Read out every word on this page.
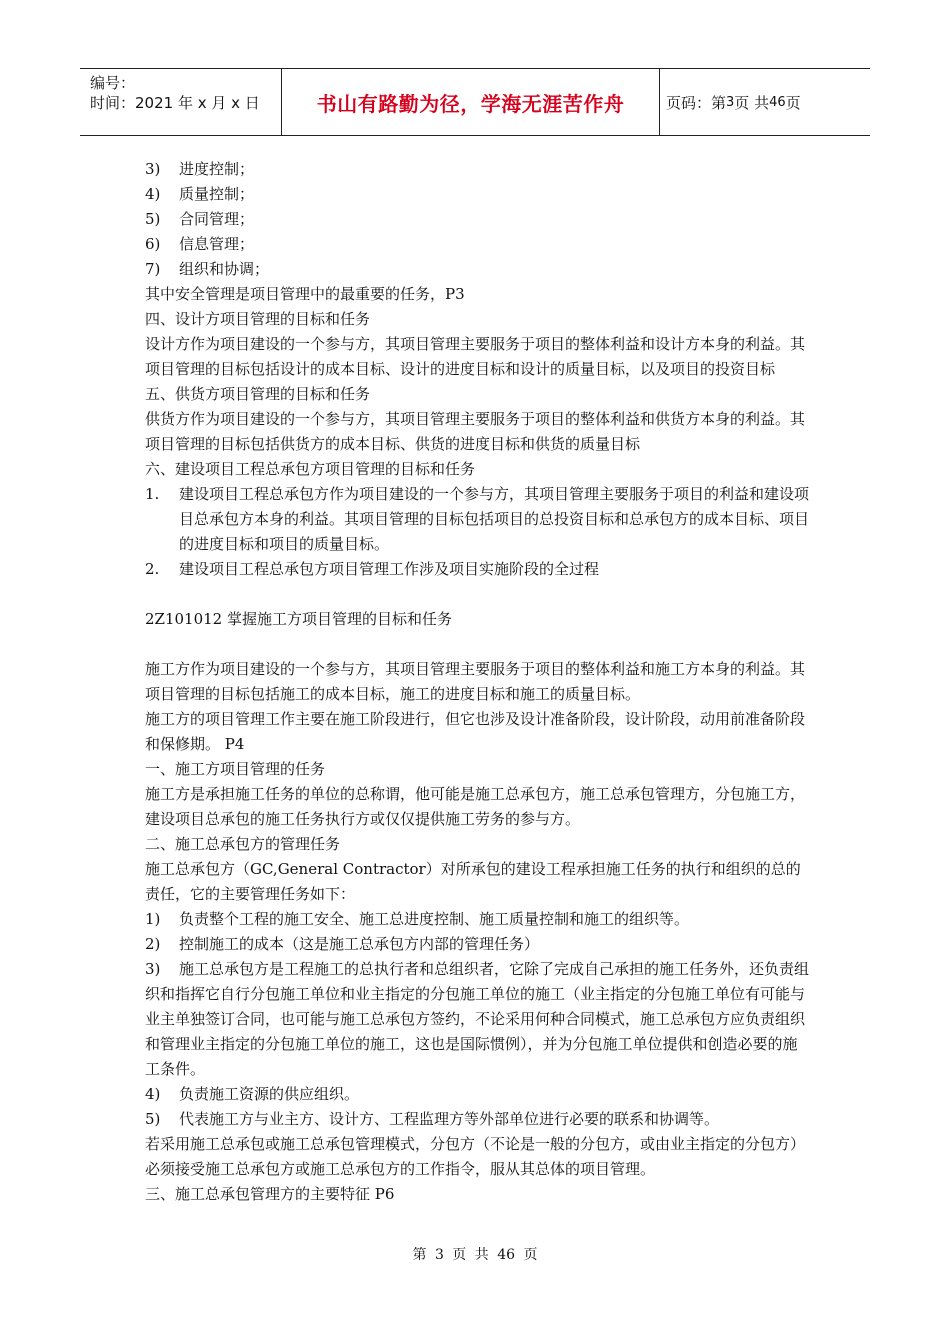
编号：
时间：2021 年 x 月 x 日	书山有路勤为径，学海无涯苦作舟	页码：第 3 页 共 46 页
3)	进度控制；
4)	质量控制；
5)	合同管理；
6)	信息管理；
7)	组织和协调；

其中安全管理是项目管理中的最重要的任务，P3

四、设计方项目管理的目标和任务

设计方作为项目建设的一个参与方，其项目管理主要服务于项目的整体利益和设计方本身的利益。其项目管理的目标包括设计的成本目标、设计的进度目标和设计的质量目标，以及项目的投资目标

五、供货方项目管理的目标和任务

供货方作为项目建设的一个参与方，其项目管理主要服务于项目的整体利益和供货方本身的利益。其项目管理的目标包括供货方的成本目标、供货的进度目标和供货的质量目标

六、建设项目工程总承包方项目管理的目标和任务

1.	建设项目工程总承包方作为项目建设的一个参与方，其项目管理主要服务于项目的利益和建设项目总承包方本身的利益。其项目管理的目标包括项目的总投资目标和总承包方的成本目标、项目的进度目标和项目的质量目标。
2.	建设项目工程总承包方项目管理工作涉及项目实施阶段的全过程

2Z101012 掌握施工方项目管理的目标和任务

施工方作为项目建设的一个参与方，其项目管理主要服务于项目的整体利益和施工方本身的利益。其项目管理的目标包括施工的成本目标，施工的进度目标和施工的质量目标。

施工方的项目管理工作主要在施工阶段进行，但它也涉及设计准备阶段，设计阶段，动用前准备阶段和保修期。 P4

一、施工方项目管理的任务

施工方是承担施工任务的单位的总称谓，他可能是施工总承包方，施工总承包管理方，分包施工方，建设项目总承包的施工任务执行方或仅仅提供施工劳务的参与方。

二、施工总承包方的管理任务

施工总承包方（GC,General Contractor）对所承包的建设工程承担施工任务的执行和组织的总的责任，它的主要管理任务如下：

1)	负责整个工程的施工安全、施工总进度控制、施工质量控制和施工的组织等。
2)	控制施工的成本（这是施工总承包方内部的管理任务）

3) 施工总承包方是工程施工的总执行者和总组织者，它除了完成自己承担的施工任务外，还负责组织和指挥它自行分包施工单位和业主指定的分包施工单位的施工（业主指定的分包施工单位有可能与业主单独签订合同，也可能与施工总承包方签约，不论采用何种合同模式，施工总承包方应负责组织和管理业主指定的分包施工单位的施工，这也是国际惯例），并为分包施工单位提供和创造必要的施工条件。

4)	负责施工资源的供应组织。
5)	代表施工方与业主方、设计方、工程监理方等外部单位进行必要的联系和协调等。

若采用施工总承包或施工总承包管理模式，分包方（不论是一般的分包方，或由业主指定的分包方）必须接受施工总承包方或施工总承包方的工作指令，服从其总体的项目管理。

三、施工总承包管理方的主要特征 P6

第 3 页 共 46 页
